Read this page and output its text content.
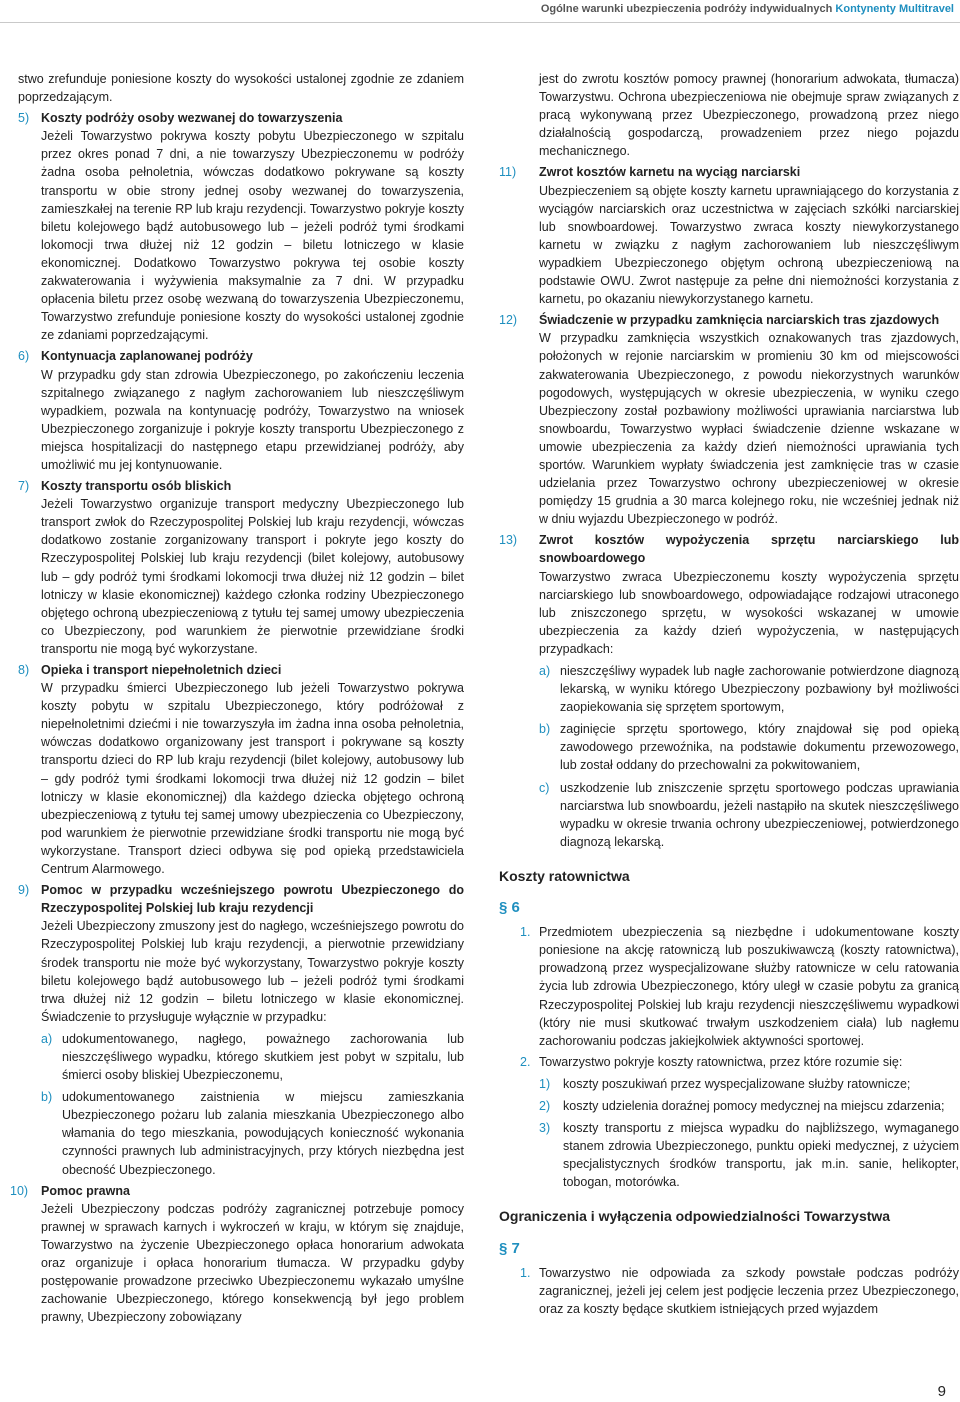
Ogólne warunki ubezpieczenia podróży indywidualnych Kontynenty Multitravel

stwo zrefunduje poniesione koszty do wysokości ustalonej zgodnie ze zdaniem poprzedzającym.

5) Koszty podróży osoby wezwanej do towarzyszenia

Jeżeli Towarzystwo pokrywa koszty pobytu Ubezpieczonego w szpitalu przez okres ponad 7 dni, a nie towarzyszy Ubezpieczonemu w podróży żadna osoba pełnoletnia, wówczas dodatkowo pokrywane są koszty transportu w obie strony jednej osoby wezwanej do towarzyszenia, zamieszkałej na terenie RP lub kraju rezydencji. Towarzystwo pokryje koszty biletu kolejowego bądź autobusowego lub – jeżeli podróż tymi środkami lokomocji trwa dłużej niż 12 godzin – biletu lotniczego w klasie ekonomicznej. Dodatkowo Towarzystwo pokrywa tej osobie koszty zakwaterowania i wyżywienia maksymalnie za 7 dni. W przypadku opłacenia biletu przez osobę wezwaną do towarzyszenia Ubezpieczonemu, Towarzystwo zrefunduje poniesione koszty do wysokości ustalonej zgodnie ze zdaniami poprzedzającymi.

6) Kontynuacja zaplanowanej podróży

W przypadku gdy stan zdrowia Ubezpieczonego, po zakończeniu leczenia szpitalnego związanego z nagłym zachorowaniem lub nieszczęśliwym wypadkiem, pozwala na kontynuację podróży, Towarzystwo na wniosek Ubezpieczonego zorganizuje i pokryje koszty transportu Ubezpieczonego z miejsca hospitalizacji do następnego etapu przewidzianej podróży, aby umożliwić mu jej kontynuowanie.

7) Koszty transportu osób bliskich

Jeżeli Towarzystwo organizuje transport medyczny Ubezpieczonego lub transport zwłok do Rzeczypospolitej Polskiej lub kraju rezydencji, wówczas dodatkowo zostanie zorganizowany transport i pokryte jego koszty do Rzeczypospolitej Polskiej lub kraju rezydencji (bilet kolejowy, autobusowy lub – gdy podróż tymi środkami lokomocji trwa dłużej niż 12 godzin – bilet lotniczy w klasie ekonomicznej) każdego członka rodziny Ubezpieczonego objętego ochroną ubezpieczeniową z tytułu tej samej umowy ubezpieczenia co Ubezpieczony, pod warunkiem że pierwotnie przewidziane środki transportu nie mogą być wykorzystane.

8) Opieka i transport niepełnoletnich dzieci

W przypadku śmierci Ubezpieczonego lub jeżeli Towarzystwo pokrywa koszty pobytu w szpitalu Ubezpieczonego, który podróżował z niepełnoletnimi dziećmi i nie towarzyszyła im żadna inna osoba pełnoletnia, wówczas dodatkowo organizowany jest transport i pokrywane są koszty transportu dzieci do RP lub kraju rezydencji (bilet kolejowy, autobusowy lub – gdy podróż tymi środkami lokomocji trwa dłużej niż 12 godzin – bilet lotniczy w klasie ekonomicznej) dla każdego dziecka objętego ochroną ubezpieczeniową z tytułu tej samej umowy ubezpieczenia co Ubezpieczony, pod warunkiem że pierwotnie przewidziane środki transportu nie mogą być wykorzystane. Transport dzieci odbywa się pod opieką przedstawiciela Centrum Alarmowego.

9) Pomoc w przypadku wcześniejszego powrotu Ubezpieczonego do Rzeczypospolitej Polskiej lub kraju rezydencji

Jeżeli Ubezpieczony zmuszony jest do nagłego, wcześniejszego powrotu do Rzeczypospolitej Polskiej lub kraju rezydencji, a pierwotnie przewidziany środek transportu nie może być wykorzystany, Towarzystwo pokryje koszty biletu kolejowego bądź autobusowego lub – jeżeli podróż tymi środkami trwa dłużej niż 12 godzin – biletu lotniczego w klasie ekonomicznej. Świadczenie to przysługuje wyłącznie w przypadku:

a) udokumentowanego, nagłego, poważnego zachorowania lub nieszczęśliwego wypadku, którego skutkiem jest pobyt w szpitalu, lub śmierci osoby bliskiej Ubezpieczonemu,

b) udokumentowanego zaistnienia w miejscu zamieszkania Ubezpieczonego pożaru lub zalania mieszkania Ubezpieczonego albo włamania do tego mieszkania, powodujących konieczność wykonania czynności prawnych lub administracyjnych, przy których niezbędna jest obecność Ubezpieczonego.

10) Pomoc prawna

Jeżeli Ubezpieczony podczas podróży zagranicznej potrzebuje pomocy prawnej w sprawach karnych i wykroczeń w kraju, w którym się znajduje, Towarzystwo na życzenie Ubezpieczonego opłaca honorarium adwokata oraz organizuje i opłaca honorarium tłumacza. W przypadku gdyby postępowanie prowadzone przeciwko Ubezpieczonemu wykazało umyślne zachowanie Ubezpieczonego, którego konsekwencją był jego problem prawny, Ubezpieczony zobowiązany

jest do zwrotu kosztów pomocy prawnej (honorarium adwokata, tłumacza) Towarzystwu. Ochrona ubezpieczeniowa nie obejmuje spraw związanych z pracą wykonywaną przez Ubezpieczonego, prowadzoną przez niego działalnością gospodarczą, prowadzeniem przez niego pojazdu mechanicznego.

11) Zwrot kosztów karnetu na wyciąg narciarski

Ubezpieczeniem są objęte koszty karnetu uprawniającego do korzystania z wyciągów narciarskich oraz uczestnictwa w zajęciach szkółki narciarskiej lub snowboardowej. Towarzystwo zwraca koszty niewykorzystanego karnetu w związku z nagłym zachorowaniem lub nieszczęśliwym wypadkiem Ubezpieczonego objętym ochroną ubezpieczeniową na podstawie OWU. Zwrot następuje za pełne dni niemożności korzystania z karnetu, po okazaniu niewykorzystanego karnetu.

12) Świadczenie w przypadku zamknięcia narciarskich tras zjazdowych

W przypadku zamknięcia wszystkich oznakowanych tras zjazdowych, położonych w rejonie narciarskim w promieniu 30 km od miejscowości zakwaterowania Ubezpieczonego, z powodu niekorzystnych warunków pogodowych, występujących w okresie ubezpieczenia, w wyniku czego Ubezpieczony został pozbawiony możliwości uprawiania narciarstwa lub snowboardu, Towarzystwo wypłaci świadczenie dzienne wskazane w umowie ubezpieczenia za każdy dzień niemożności uprawiania tych sportów. Warunkiem wypłaty świadczenia jest zamknięcie tras w czasie udzielania przez Towarzystwo ochrony ubezpieczeniowej w okresie pomiędzy 15 grudnia a 30 marca kolejnego roku, nie wcześniej jednak niż w dniu wyjazdu Ubezpieczonego w podróż.

13) Zwrot kosztów wypożyczenia sprzętu narciarskiego lub snowboardowego

Towarzystwo zwraca Ubezpieczonemu koszty wypożyczenia sprzętu narciarskiego lub snowboardowego, odpowiadające rodzajowi utraconego lub zniszczonego sprzętu, w wysokości wskazanej w umowie ubezpieczenia za każdy dzień wypożyczenia, w następujących przypadkach:

a) nieszczęśliwy wypadek lub nagłe zachorowanie potwierdzone diagnozą lekarską, w wyniku którego Ubezpieczony pozbawiony był możliwości zaopiekowania się sprzętem sportowym,

b) zaginięcie sprzętu sportowego, który znajdował się pod opieką zawodowego przewoźnika, na podstawie dokumentu przewozowego, lub został oddany do przechowalni za pokwitowaniem,

c) uszkodzenie lub zniszczenie sprzętu sportowego podczas uprawiania narciarstwa lub snowboardu, jeżeli nastąpiło na skutek nieszczęśliwego wypadku w okresie trwania ochrony ubezpieczeniowej, potwierdzonego diagnozą lekarską.

Koszty ratownictwa

§ 6

1. Przedmiotem ubezpieczenia są niezbędne i udokumentowane koszty poniesione na akcję ratowniczą lub poszukiwawczą (koszty ratownictwa), prowadzoną przez wyspecjalizowane służby ratownicze w celu ratowania życia lub zdrowia Ubezpieczonego, który uległ w czasie pobytu za granicą Rzeczypospolitej Polskiej lub kraju rezydencji nieszczęśliwemu wypadkowi (który nie musi skutkować trwałym uszkodzeniem ciała) lub nagłemu zachorowaniu podczas jakiejkolwiek aktywności sportowej.

2. Towarzystwo pokryje koszty ratownictwa, przez które rozumie się:

1) koszty poszukiwań przez wyspecjalizowane służby ratownicze;

2) koszty udzielenia doraźnej pomocy medycznej na miejscu zdarzenia;

3) koszty transportu z miejsca wypadku do najbliższego, wymaganego stanem zdrowia Ubezpieczonego, punktu opieki medycznej, z użyciem specjalistycznych środków transportu, jak m.in. sanie, helikopter, tobogan, motorówka.

Ograniczenia i wyłączenia odpowiedzialności Towarzystwa

§ 7

1. Towarzystwo nie odpowiada za szkody powstałe podczas podróży zagranicznej, jeżeli jej celem jest podjęcie leczenia przez Ubezpieczonego, oraz za koszty będące skutkiem istniejących przed wyjazdem

9
